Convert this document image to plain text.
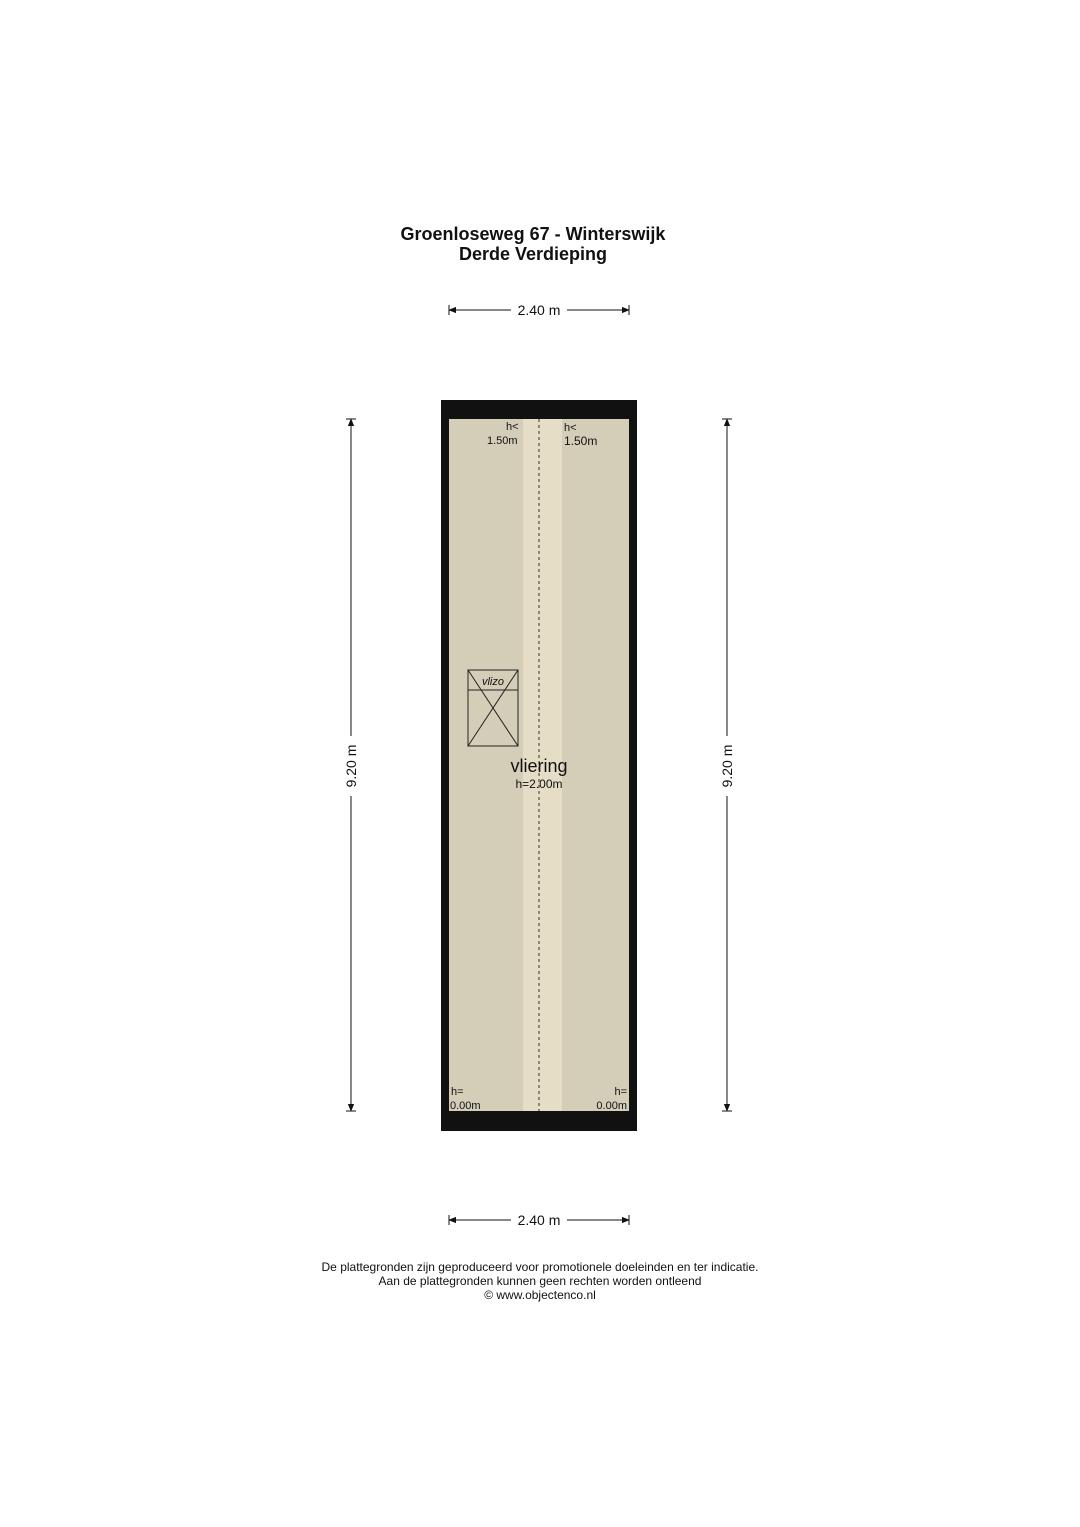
Groenloseweg 67 - Winterswijk
Derde Verdieping
2.40 m
2.40 m
9.20 m	9.20 m
vlizo
vliering
h=2.00m
h<
1.50m
h<
1.50m
h=
0.00m
h=
0.00m
De plattegronden zijn geproduceerd voor promotionele doeleinden en ter indicatie.
Aan de plattegronden kunnen geen rechten worden ontleend
© www.objectenco.nl
